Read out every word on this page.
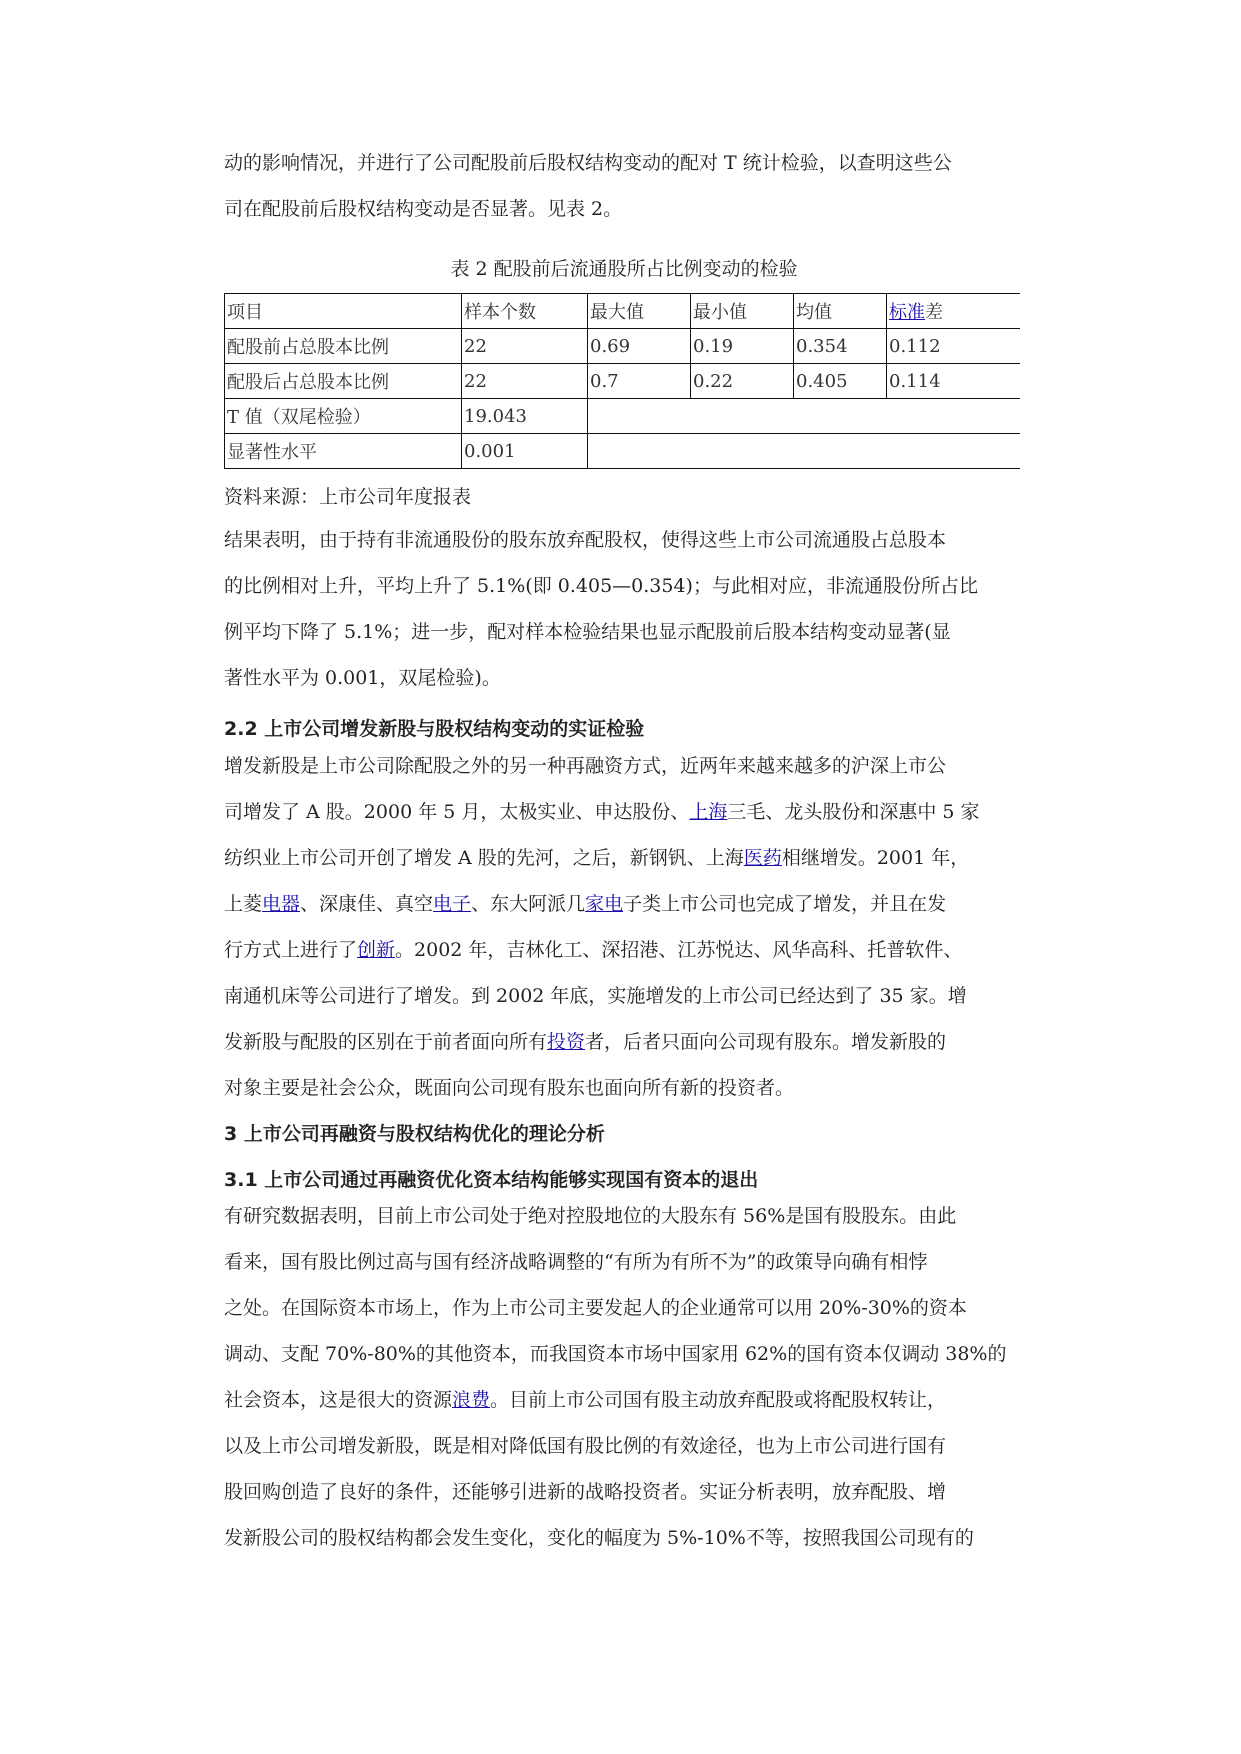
动的影响情况，并进行了公司配股前后股权结构变动的配对 T 统计检验，以查明这些公
司在配股前后股权结构变动是否显著。见表 2。
表 2 配股前后流通股所占比例变动的检验
项目	样本个数	最大值	最小值	均值	标准差
配股前占总股本比例	22	0.69	0.19	0.354	0.112
配股后占总股本比例	22	0.7	0.22	0.405	0.114
T 值（双尾检验）	19.043				
显著性水平	0.001				
资料来源：上市公司年度报表
结果表明，由于持有非流通股份的股东放弃配股权，使得这些上市公司流通股占总股本
的比例相对上升，平均上升了 5.1%(即 0.405—0.354)；与此相对应，非流通股份所占比
例平均下降了 5.1%；进一步，配对样本检验结果也显示配股前后股本结构变动显著(显
著性水平为 0.001，双尾检验)。
2.2 上市公司增发新股与股权结构变动的实证检验
增发新股是上市公司除配股之外的另一种再融资方式，近两年来越来越多的沪深上市公
司增发了 A 股。2000 年 5 月，太极实业、申达股份、上海三毛、龙头股份和深惠中 5 家
纺织业上市公司开创了增发 A 股的先河，之后，新钢钒、上海医药相继增发。2001 年，
上菱电器、深康佳、真空电子、东大阿派几家电子类上市公司也完成了增发，并且在发
行方式上进行了创新。2002 年，吉林化工、深招港、江苏悦达、风华高科、托普软件、
南通机床等公司进行了增发。到 2002 年底，实施增发的上市公司已经达到了 35 家。增
发新股与配股的区别在于前者面向所有投资者，后者只面向公司现有股东。增发新股的
对象主要是社会公众，既面向公司现有股东也面向所有新的投资者。
3 上市公司再融资与股权结构优化的理论分析
3.1 上市公司通过再融资优化资本结构能够实现国有资本的退出
有研究数据表明，目前上市公司处于绝对控股地位的大股东有 56%是国有股股东。由此
看来，国有股比例过高与国有经济战略调整的“有所为有所不为”的政策导向确有相悖
之处。在国际资本市场上，作为上市公司主要发起人的企业通常可以用 20%-30%的资本
调动、支配 70%-80%的其他资本，而我国资本市场中国家用 62%的国有资本仅调动 38%的
社会资本，这是很大的资源浪费。目前上市公司国有股主动放弃配股或将配股权转让，
以及上市公司增发新股，既是相对降低国有股比例的有效途径，也为上市公司进行国有
股回购创造了良好的条件，还能够引进新的战略投资者。实证分析表明，放弃配股、增
发新股公司的股权结构都会发生变化，变化的幅度为 5%-10%不等，按照我国公司现有的
